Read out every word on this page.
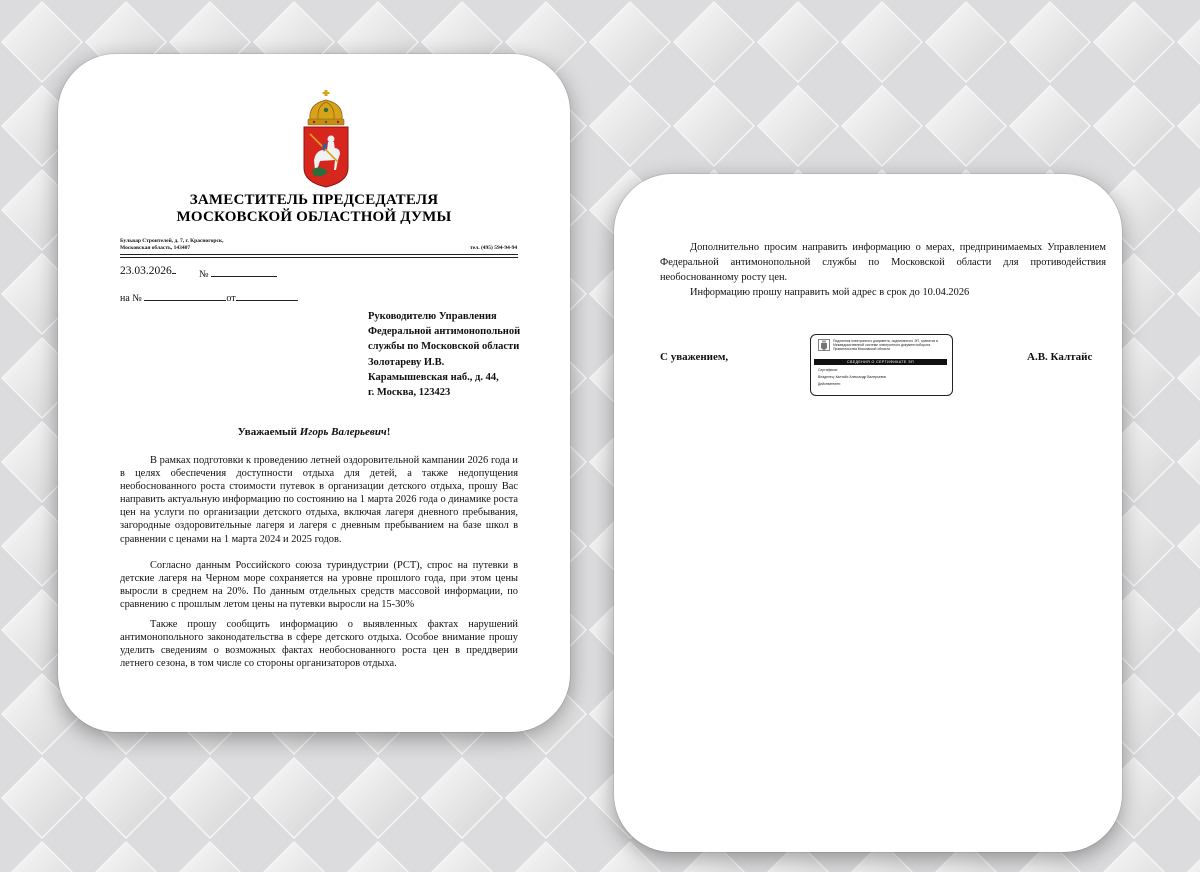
ЗАМЕСТИТЕЛЬ ПРЕДСЕДАТЕЛЯ
МОСКОВСКОЙ ОБЛАСТНОЙ ДУМЫ
Бульвар Строителей, д. 7, г. Красногорск,
Московская область, 143407	тел. (495) 594-94-94
23.03.2026	№
на №	от
Руководителю Управления
Федеральной антимонопольной
службы по Московской области
Золотареву И.В.
Карамышевская наб., д. 44,
г. Москва, 123423
Уважаемый Игорь Валерьевич!

В рамках подготовки к проведению летней оздоровительной кампании 2026 года и в целях обеспечения доступности отдыха для детей, а также недопущения необоснованного роста стоимости путевок в организации детского отдыха, прошу Вас направить актуальную информацию по состоянию на 1 марта 2026 года о динамике роста цен на услуги по организации детского отдыха, включая лагеря дневного пребывания, загородные оздоровительные лагеря и лагеря с дневным пребыванием на базе школ в сравнении с ценами на 1 марта 2024 и 2025 годов.

Согласно данным Российского союза туриндустрии (РСТ), спрос на путевки в детские лагеря на Черном море сохраняется на уровне прошлого года, при этом цены выросли в среднем на 20%. По данным отдельных средств массовой информации, по сравнению с прошлым летом цены на путевки выросли на 15-30%

Также прошу сообщить информацию о выявленных фактах нарушений антимонопольного законодательства в сфере детского отдыха. Особое внимание прошу уделить сведениям о возможных фактах необоснованного роста цен в преддверии летнего сезона, в том числе со стороны организаторов отдыха.

Дополнительно просим направить информацию о мерах, предпринимаемых Управлением Федеральной антимонопольной службы по Московской области для противодействия необоснованному росту цен.

Информацию прошу направить мой адрес в срок до 10.04.2026

С уважением,	А.В. Калтайс
Подлинник электронного документа, подписанного ЭП, хранится в Межведомственной системе электронного документооборота Правительства Московской области
СВЕДЕНИЯ О СЕРТИФИКАТЕ ЭП
Сертификат:
Владелец: Калтайс Александр Валерьевич
Действителен:
